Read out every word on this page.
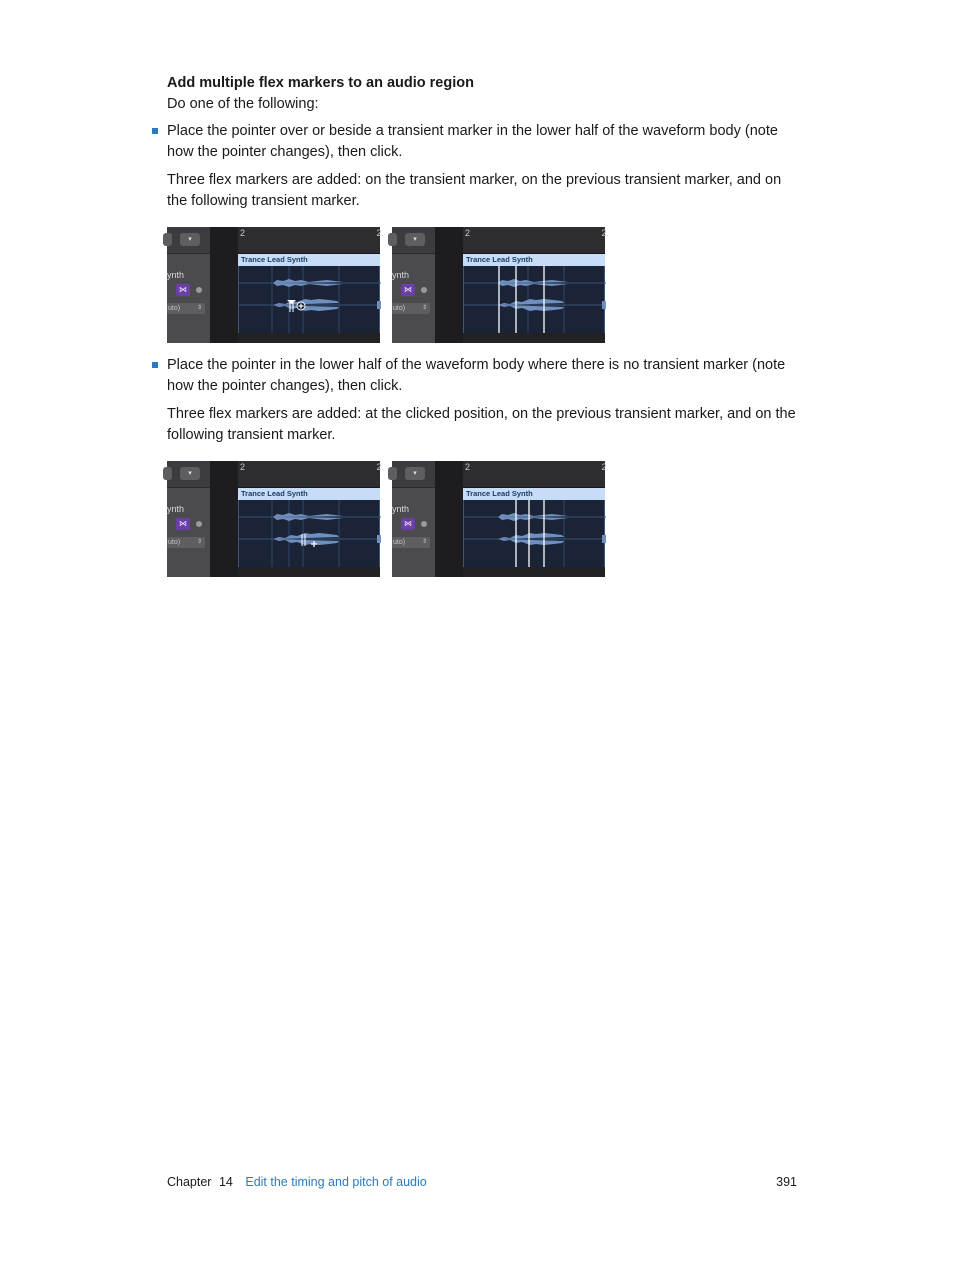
Add multiple flex markers to an audio region

Do one of the following:

Place the pointer over or beside a transient marker in the lower half of the waveform body (note how the pointer changes), then click.

Three flex markers are added: on the transient marker, on the previous transient marker, and on the following transient marker.

▾
ynth
⋈
uto)	⇕
2	2.
Trance Lead Synth
▾
ynth
⋈
uto)	⇕
2	2.
Trance Lead Synth
Place the pointer in the lower half of the waveform body where there is no transient marker (note how the pointer changes), then click.

Three flex markers are added: at the clicked position, on the previous transient marker, and on the following transient marker.

▾
ynth
⋈
uto)	⇕
2	2.
Trance Lead Synth
▾
ynth
⋈
uto)	⇕
2	2.
Trance Lead Synth
Chapter 14 Edit the timing and pitch of audio	391
